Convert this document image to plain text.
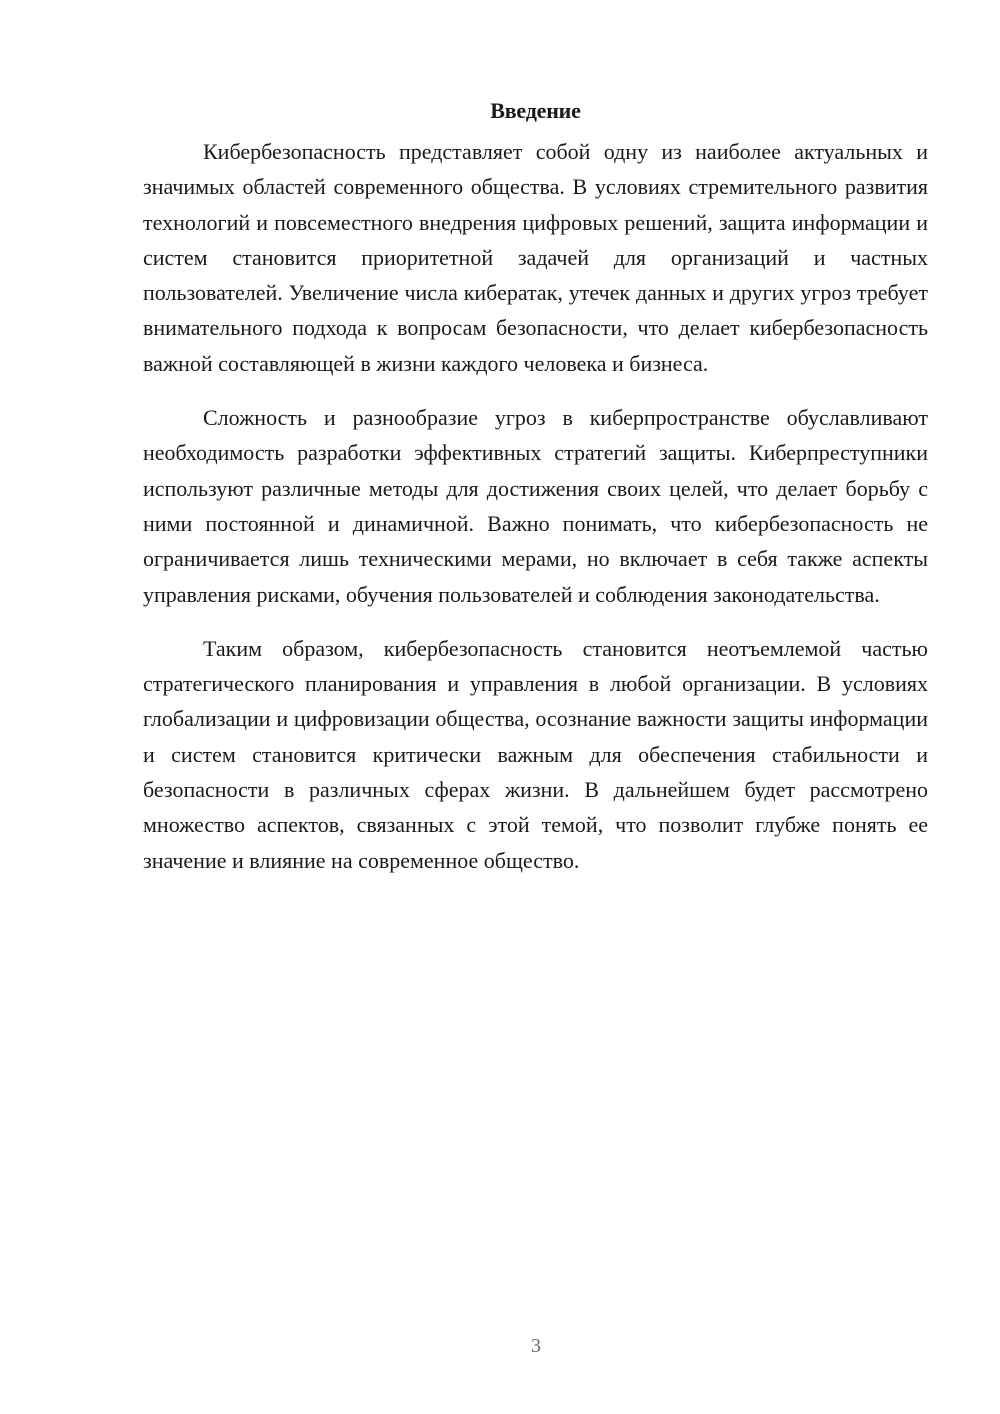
Введение

Кибербезопасность представляет собой одну из наиболее актуальных и значимых областей современного общества. В условиях стремительного развития технологий и повсеместного внедрения цифровых решений, защита информации и систем становится приоритетной задачей для организаций и частных пользователей. Увеличение числа кибератак, утечек данных и других угроз требует внимательного подхода к вопросам безопасности, что делает кибербезопасность важной составляющей в жизни каждого человека и бизнеса.

Сложность и разнообразие угроз в киберпространстве обуславливают необходимость разработки эффективных стратегий защиты. Киберпреступники используют различные методы для достижения своих целей, что делает борьбу с ними постоянной и динамичной. Важно понимать, что кибербезопасность не ограничивается лишь техническими мерами, но включает в себя также аспекты управления рисками, обучения пользователей и соблюдения законодательства.

Таким образом, кибербезопасность становится неотъемлемой частью стратегического планирования и управления в любой организации. В условиях глобализации и цифровизации общества, осознание важности защиты информации и систем становится критически важным для обеспечения стабильности и безопасности в различных сферах жизни. В дальнейшем будет рассмотрено множество аспектов, связанных с этой темой, что позволит глубже понять ее значение и влияние на современное общество.

3
